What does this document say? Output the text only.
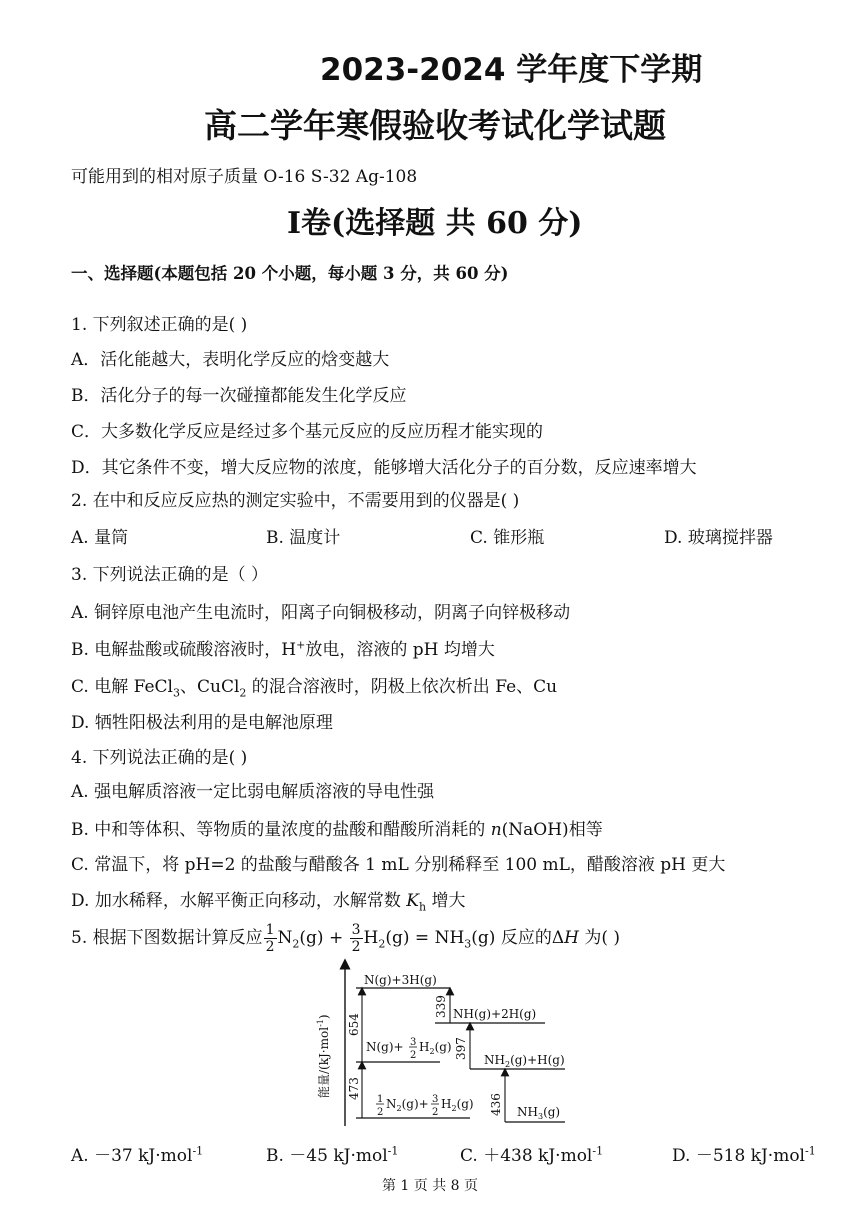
2023-2024 学年度下学期
高二学年寒假验收考试化学试题
可能用到的相对原子质量 O-16 S-32 Ag-108
I卷(选择题 共 60 分)
一、选择题(本题包括 20 个小题，每小题 3 分，共 60 分)
1. 下列叙述正确的是( )
A．活化能越大，表明化学反应的焓变越大
B．活化分子的每一次碰撞都能发生化学反应
C．大多数化学反应是经过多个基元反应的反应历程才能实现的
D．其它条件不变，增大反应物的浓度，能够增大活化分子的百分数，反应速率增大
2. 在中和反应反应热的测定实验中，不需要用到的仪器是( )
A. 量筒	B. 温度计	C. 锥形瓶	D. 玻璃搅拌器
3. 下列说法正确的是（ ）
A. 铜锌原电池产生电流时，阳离子向铜极移动，阴离子向锌极移动
B. 电解盐酸或硫酸溶液时，H+放电，溶液的 pH 均增大
C. 电解 FeCl$_3$、CuCl$_2$ 的混合溶液时，阴极上依次析出 Fe、Cu
D. 牺牲阳极法利用的是电解池原理
4. 下列说法正确的是( )
A. 强电解质溶液一定比弱电解质溶液的导电性强
B. 中和等体积、等物质的量浓度的盐酸和醋酸所消耗的 n(NaOH)相等
C. 常温下，将 pH=2 的盐酸与醋酸各 1 mL 分别稀释至 100 mL，醋酸溶液 pH 更大
D. 加水稀释，水解平衡正向移动，水解常数 $K_h$ 增大
5. 根据下图数据计算反应 $\frac{1}{2} N_2(g) + \frac{3}{2} H_2(g) = NH_3(g)$ 反应的ΔH 为( )
能量/(kJ·mol$^{-1}$)
N(g)+3H(g)
NH(g)+2H(g)
N(g)+ 3 $2H_2(g)$
$NH_2(g)+H(g)$
1 $2N_2(g)+ 3$ $2H_2(g)$
$NH_3(g)$
654
339
397
473
436
A. －37 kJ·mol$^{-1}$	B. －45 kJ·mol$^{-1}$	C. ＋438 kJ·mol$^{-1}$	D. －518 kJ·mol$^{-1}$
第 1 页 共 8 页
